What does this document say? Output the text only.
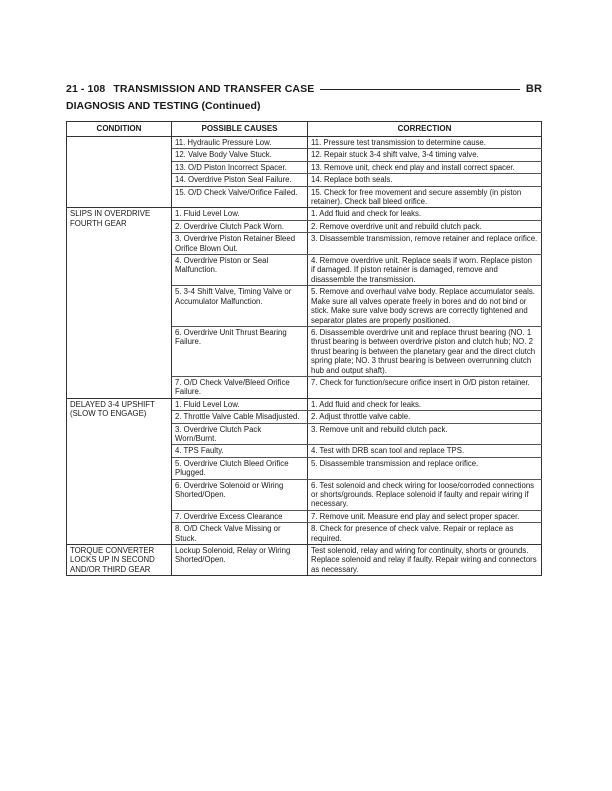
21 - 108 TRANSMISSION AND TRANSFER CASE	BR
DIAGNOSIS AND TESTING (Continued)
CONDITION	POSSIBLE CAUSES	CORRECTION
	11. Hydraulic Pressure Low.	11. Pressure test transmission to determine cause.
	12. Valve Body Valve Stuck.	12. Repair stuck 3-4 shift valve, 3-4 timing valve.
	13. O/D Piston Incorrect Spacer.	13. Remove unit, check end play and install correct spacer.
	14. Overdrive Piston Seal Failure.	14. Replace both seals.
	15. O/D Check Valve/Orifice Failed.	15. Check for free movement and secure assembly (in piston retainer). Check ball bleed orifice.
SLIPS IN OVERDRIVE FOURTH GEAR	1. Fluid Level Low.	1. Add fluid and check for leaks.
	2. Overdrive Clutch Pack Worn.	2. Remove overdrive unit and rebuild clutch pack.
	3. Overdrive Piston Retainer Bleed Orifice Blown Out.	3. Disassemble transmission, remove retainer and replace orifice.
	4. Overdrive Piston or Seal Malfunction.	4. Remove overdrive unit. Replace seals if worn. Replace piston if damaged. If piston retainer is damaged, remove and disassemble the transmission.
	5. 3-4 Shift Valve, Timing Valve or Accumulator Malfunction.	5. Remove and overhaul valve body. Replace accumulator seals. Make sure all valves operate freely in bores and do not bind or stick. Make sure valve body screws are correctly tightened and separator plates are properly positioned.
	6. Overdrive Unit Thrust Bearing Failure.	6. Disassemble overdrive unit and replace thrust bearing (NO. 1 thrust bearing is between overdrive piston and clutch hub; NO. 2 thrust bearing is between the planetary gear and the direct clutch spring plate; NO. 3 thrust bearing is between overrunning clutch hub and output shaft).
	7. O/D Check Valve/Bleed Orifice Failure.	7. Check for function/secure orifice insert in O/D piston retainer.
DELAYED 3-4 UPSHIFT (SLOW TO ENGAGE)	1. Fluid Level Low.	1. Add fluid and check for leaks.
	2. Throttle Valve Cable Misadjusted.	2. Adjust throttle valve cable.
	3. Overdrive Clutch Pack Worn/Burnt.	3. Remove unit and rebuild clutch pack.
	4. TPS Faulty.	4. Test with DRB scan tool and replace TPS.
	5. Overdrive Clutch Bleed Orifice Plugged.	5. Disassemble transmission and replace orifice.
	6. Overdrive Solenoid or Wiring Shorted/Open.	6. Test solenoid and check wiring for loose/corroded connections or shorts/grounds. Replace solenoid if faulty and repair wiring if necessary.
	7. Overdrive Excess Clearance	7. Remove unit. Measure end play and select proper spacer.
	8. O/D Check Valve Missing or Stuck.	8. Check for presence of check valve. Repair or replace as required.
TORQUE CONVERTER LOCKS UP IN SECOND AND/OR THIRD GEAR	Lockup Solenoid, Relay or Wiring Shorted/Open.	Test solenoid, relay and wiring for continuity, shorts or grounds. Replace solenoid and relay if faulty. Repair wiring and connectors as necessary.
